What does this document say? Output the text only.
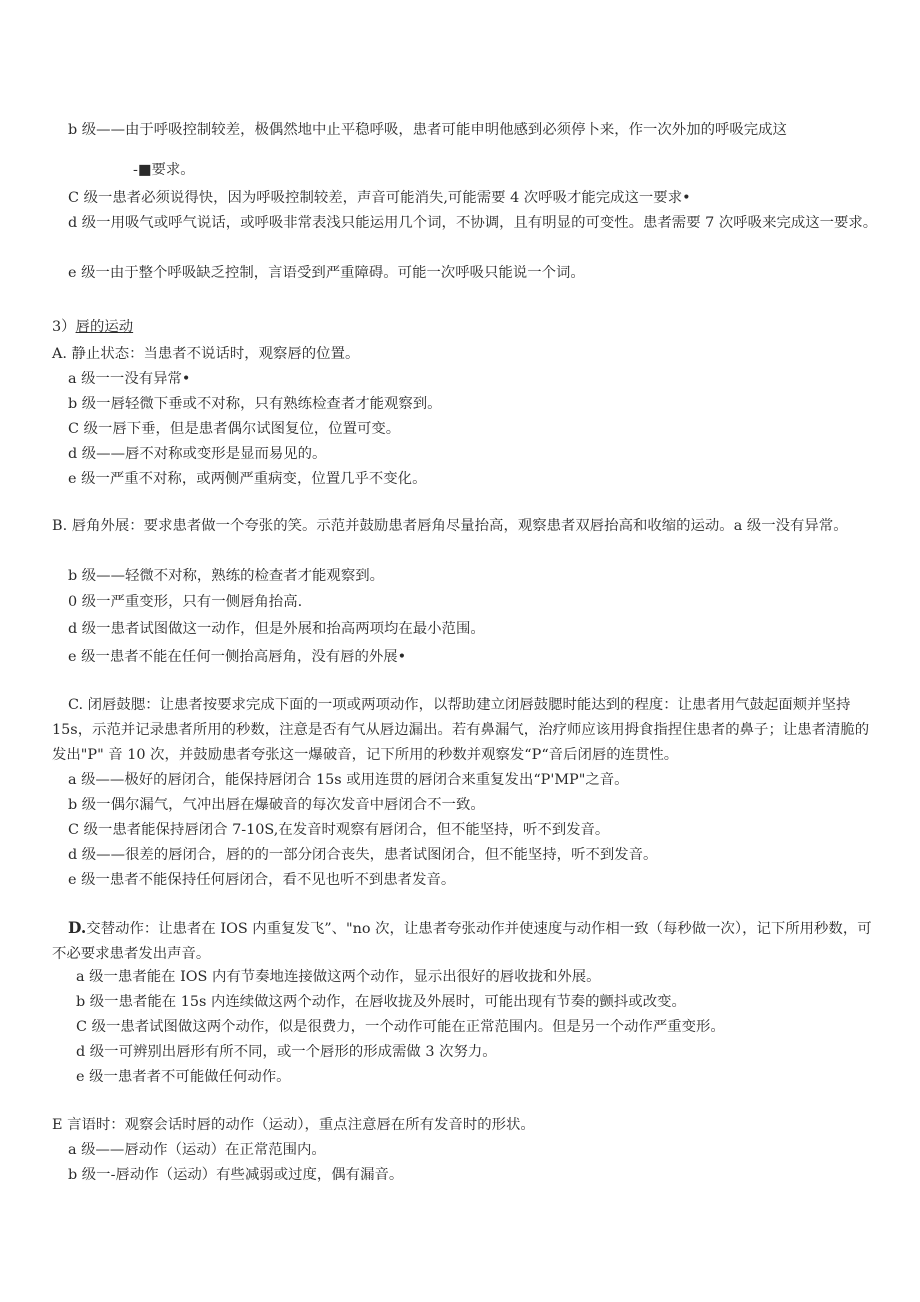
b 级——由于呼吸控制较差，极偶然地中止平稳呼吸，患者可能申明他感到必须停卜来，作一次外加的呼吸完成这

-■要求。

C 级一患者必须说得快，因为呼吸控制较差，声音可能消失,可能需要 4 次呼吸才能完成这一要求•

d 级一用吸气或呼气说话，或呼吸非常表浅只能运用几个词，不协调，且有明显的可变性。患者需要 7 次呼吸来完成这一要求。

e 级一由于整个呼吸缺乏控制，言语受到严重障碍。可能一次呼吸只能说一个词。

3）唇的运动

A. 静止状态：当患者不说话时，观察唇的位置。

a 级一一没有异常•

b 级一唇轻微下垂或不对称，只有熟练检查者才能观察到。

C 级一唇下垂，但是患者偶尔试图复位，位置可变。

d 级——唇不对称或变形是显而易见的。

e 级一严重不对称，或两侧严重病变，位置几乎不变化。

B. 唇角外展：要求患者做一个夸张的笑。示范并鼓励患者唇角尽量抬高，观察患者双唇抬高和收缩的运动。a 级一没有异常。

b 级——轻微不对称，熟练的检查者才能观察到。

0 级一严重变形，只有一侧唇角抬高.

d 级一患者试图做这一动作，但是外展和抬高两项均在最小范围。

e 级一患者不能在任何一侧抬高唇角，没有唇的外展•

C. 闭唇鼓腮：让患者按要求完成下面的一项或两项动作，以帮助建立闭唇鼓腮时能达到的程度：让患者用气鼓起面颊并坚持 15s，示范并记录患者所用的秒数，注意是否有气从唇边漏出。若有鼻漏气，治疗师应该用拇食指捏住患者的鼻子；让患者清脆的发出"P" 音 10 次，并鼓励患者夸张这一爆破音，记下所用的秒数并观察发“P“音后闭唇的连贯性。

a 级——极好的唇闭合，能保持唇闭合 15s 或用连贯的唇闭合来重复发出“P'MP"之音。

b 级一偶尔漏气，气冲出唇在爆破音的每次发音中唇闭合不一致。

C 级一患者能保持唇闭合 7-10S,在发音时观察有唇闭合，但不能坚持，听不到发音。

d 级——很差的唇闭合，唇的的一部分闭合丧失，患者试图闭合，但不能坚持，听不到发音。

e 级一患者不能保持任何唇闭合，看不见也听不到患者发音。

D.交替动作：让患者在 IOS 内重复发飞”、"no 次，让患者夸张动作并使速度与动作相一致（每秒做一次），记下所用秒数，可不必要求患者发出声音。

a 级一患者能在 IOS 内有节奏地连接做这两个动作，显示出很好的唇收拢和外展。

b 级一患者能在 15s 内连续做这两个动作，在唇收拢及外展时，可能出现有节奏的颤抖或改变。

C 级一患者试图做这两个动作，似是很费力，一个动作可能在正常范围内。但是另一个动作严重变形。

d 级一可辨别出唇形有所不同，或一个唇形的形成需做 3 次努力。

e 级一患者者不可能做任何动作。

E 言语时：观察会话时唇的动作（运动），重点注意唇在所有发音时的形状。

a 级——唇动作（运动）在正常范围内。

b 级一-唇动作（运动）有些减弱或过度，偶有漏音。
